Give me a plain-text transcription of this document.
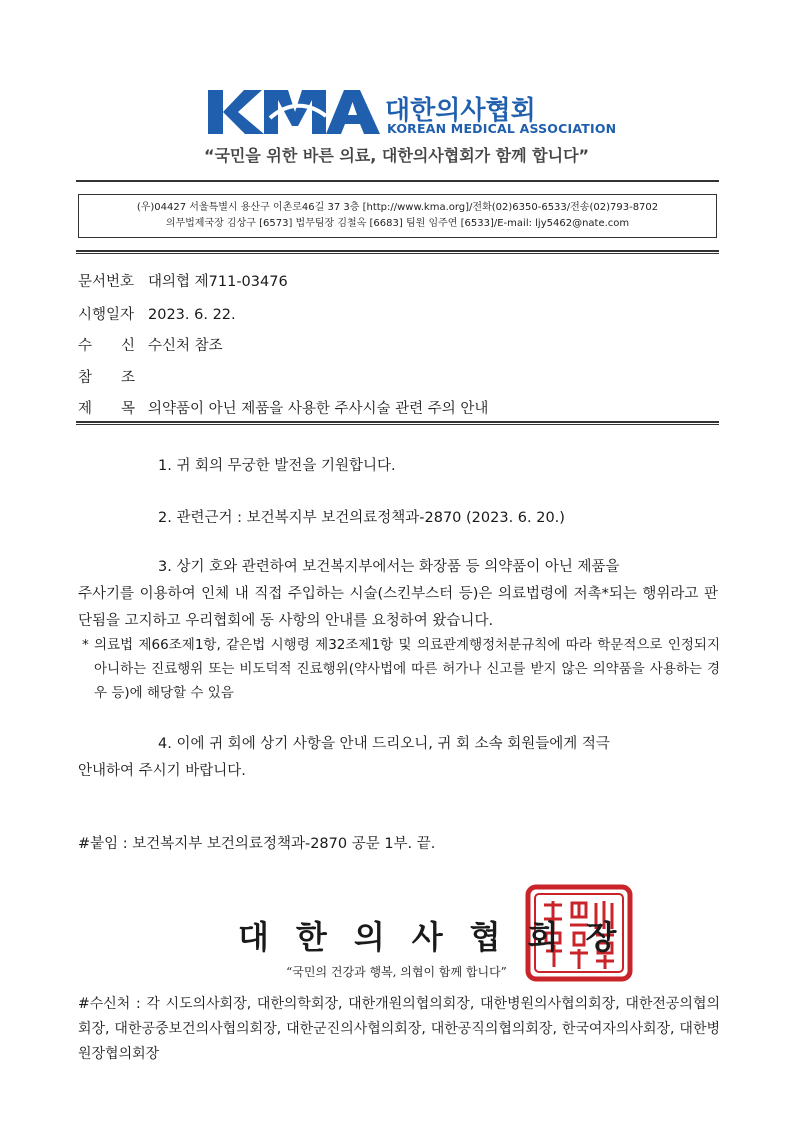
대한의사협회
KOREAN MEDICAL ASSOCIATION
“국민을 위한 바른 의료, 대한의사협회가 함께 합니다”
(우)04427 서울특별시 용산구 이촌로46길 37 3층 [http://www.kma.org]/전화(02)6350-6533/전송(02)793-8702
의무법제국장 김상구 [6573] 법무팀장 김철옥 [6683] 팀원 임주연 [6533]/E-mail: ljy5462@nate.com
문서번호 대의협 제711-03476
시행일자 2023. 6. 22.
수　　신 수신처 참조
참　　조
제　　목 의약품이 아닌 제품을 사용한 주사시술 관련 주의 안내
1. 귀 회의 무궁한 발전을 기원합니다.
2. 관련근거 : 보건복지부 보건의료정책과-2870 (2023. 6. 20.)
3. 상기 호와 관련하여 보건복지부에서는 화장품 등 의약품이 아닌 제품을
주사기를 이용하여 인체 내 직접 주입하는 시술(스킨부스터 등)은 의료법령에 저촉*되는 행위라고 판단됨을 고지하고 우리협회에 동 사항의 안내를 요청하여 왔습니다.
* 의료법 제66조제1항, 같은법 시행령 제32조제1항 및 의료관계행정처분규칙에 따라 학문적으로 인정되지 아니하는 진료행위 또는 비도덕적 진료행위(약사법에 따른 허가나 신고를 받지 않은 의약품을 사용하는 경우 등)에 해당할 수 있음
4. 이에 귀 회에 상기 사항을 안내 드리오니, 귀 회 소속 회원들에게 적극
안내하여 주시기 바랍니다.
#붙임 : 보건복지부 보건의료정책과-2870 공문 1부. 끝.
대한의사협회장
“국민의 건강과 행복, 의협이 함께 합니다”
#수신처 : 각 시도의사회장, 대한의학회장, 대한개원의협의회장, 대한병원의사협의회장, 대한전공의협의회장, 대한공중보건의사협의회장, 대한군진의사협의회장, 대한공직의협의회장, 한국여자의사회장, 대한병원장협의회장
